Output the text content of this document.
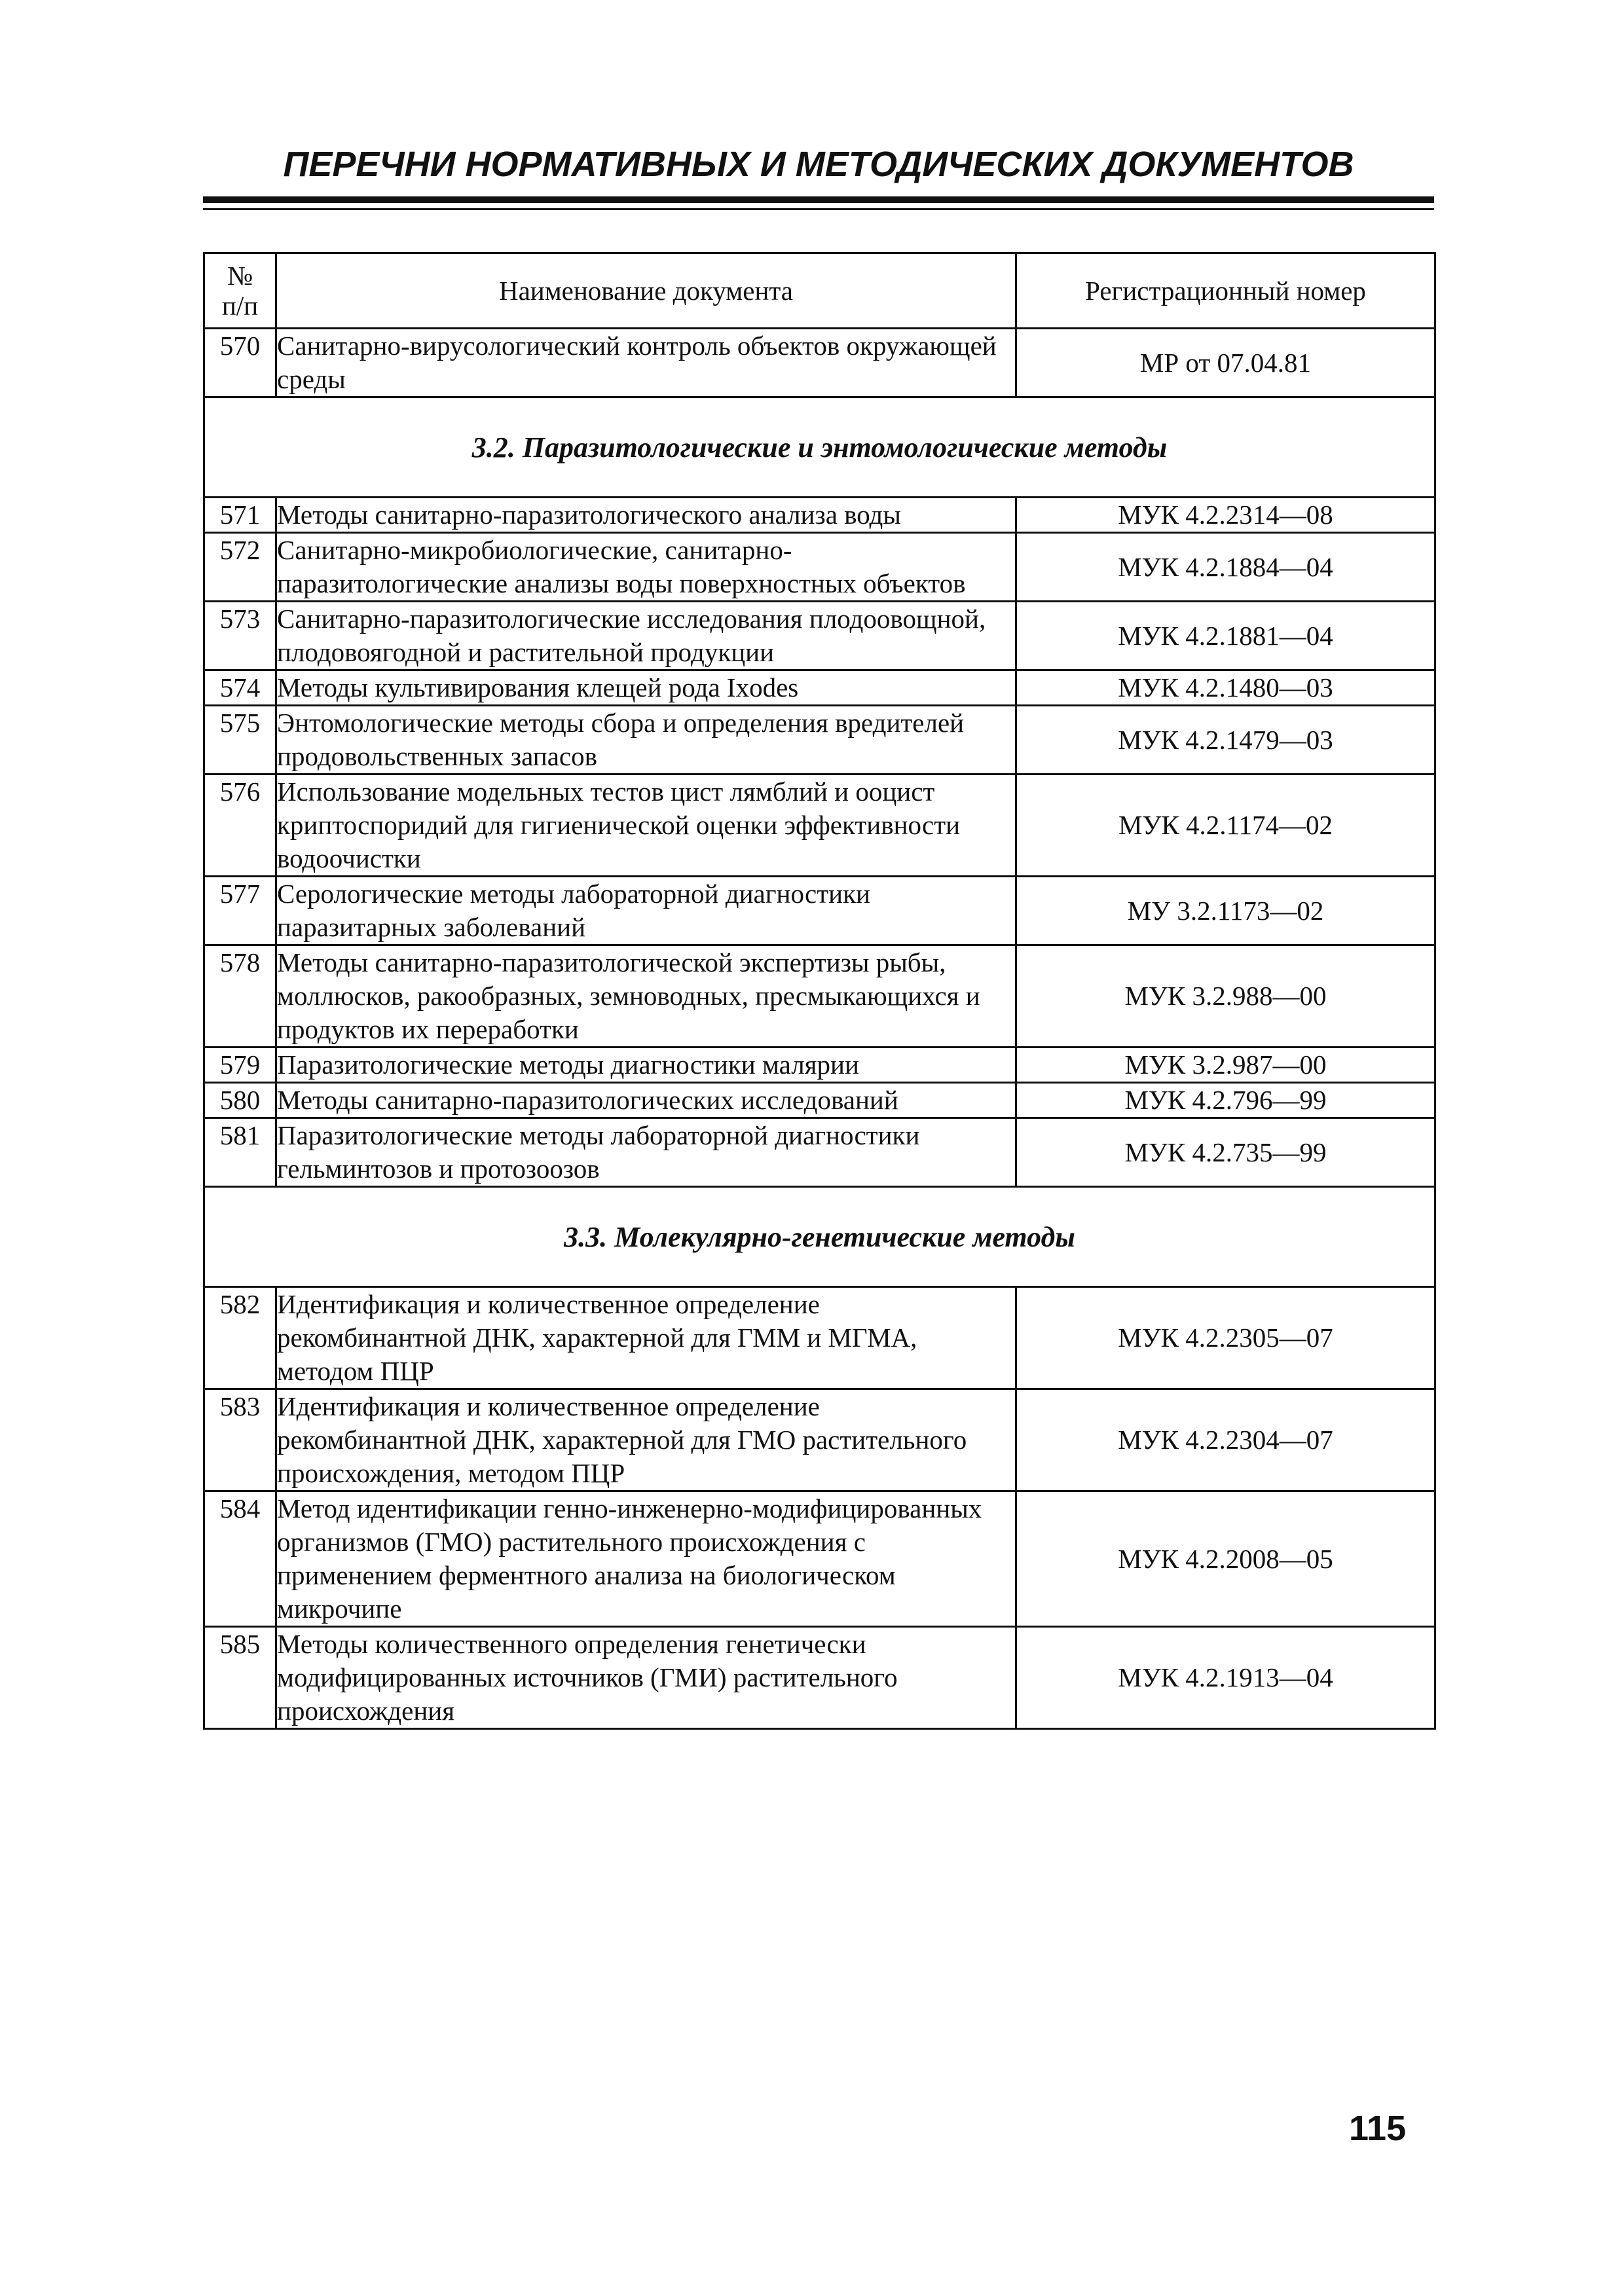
ПЕРЕЧНИ НОРМАТИВНЫХ И МЕТОДИЧЕСКИХ ДОКУМЕНТОВ
№
п/п	Наименование документа	Регистрационный номер
570	Санитарно-вирусологический контроль объектов окружающей среды	МР от 07.04.81
3.2. Паразитологические и энтомологические методы		
571	Методы санитарно-паразитологического анализа воды	МУК 4.2.2314—08
572	Санитарно-микробиологические, санитарно-паразитологические анализы воды поверхностных объектов	МУК 4.2.1884—04
573	Санитарно-паразитологические исследования плодоовощной, плодовоягодной и растительной продукции	МУК 4.2.1881—04
574	Методы культивирования клещей рода Ixodes	МУК 4.2.1480—03
575	Энтомологические методы сбора и определения вредителей продовольственных запасов	МУК 4.2.1479—03
576	Использование модельных тестов цист лямблий и ооцист криптоспоридий для гигиенической оценки эффективности водоочистки	МУК 4.2.1174—02
577	Серологические методы лабораторной диагностики паразитарных заболеваний	МУ 3.2.1173—02
578	Методы санитарно-паразитологической экспертизы рыбы, моллюсков, ракообразных, земноводных, пресмыкающихся и продуктов их переработки	МУК 3.2.988—00
579	Паразитологические методы диагностики малярии	МУК 3.2.987—00
580	Методы санитарно-паразитологических исследований	МУК 4.2.796—99
581	Паразитологические методы лабораторной диагностики гельминтозов и протозоозов	МУК 4.2.735—99
3.3. Молекулярно-генетические методы		
582	Идентификация и количественное определение рекомбинантной ДНК, характерной для ГММ и МГМА, методом ПЦР	МУК 4.2.2305—07
583	Идентификация и количественное определение рекомбинантной ДНК, характерной для ГМО растительного происхождения, методом ПЦР	МУК 4.2.2304—07
584	Метод идентификации генно-инженерно-модифицированных организмов (ГМО) растительного происхождения с применением ферментного анализа на биологическом микрочипе	МУК 4.2.2008—05
585	Методы количественного определения генетически модифицированных источников (ГМИ) растительного происхождения	МУК 4.2.1913—04
115
